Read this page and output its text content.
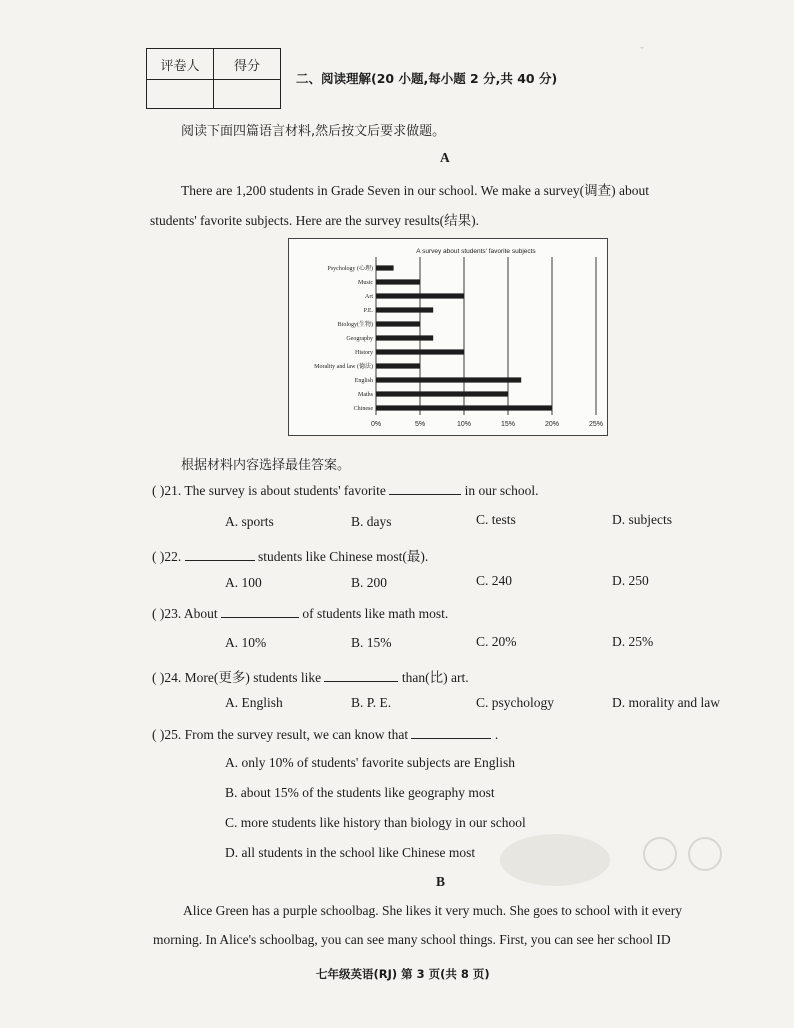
评卷人	得分

二、阅读理解(20 小题,每小题 2 分,共 40 分)
ˇ
阅读下面四篇语言材料,然后按文后要求做题。
A
There are 1,200 students in Grade Seven in our school. We make a survey(调查) about
students' favorite subjects. Here are the survey results(结果).
A survey about students' favorite subjects
0%	5%	10%	15%	20%	25%
Psychology (心理)
Music
Art
P.E.
Biology(生物)
Geography
History
Morality and law (德法)
English
Maths
Chinese
根据材料内容选择最佳答案。
( )21. The survey is about students' favorite	in our school.
A. sports	B. days	C. tests	D. subjects
( )22.	students like Chinese most(最).
A. 100	B. 200	C. 240	D. 250
( )23. About	of students like math most.
A. 10%	B. 15%	C. 20%	D. 25%
( )24. More(更多) students like	than(比) art.
A. English	B. P. E.	C. psychology	D. morality and law
( )25. From the survey result, we can know that	.
A. only 10% of students' favorite subjects are English
B. about 15% of the students like geography most
C. more students like history than biology in our school
D. all students in the school like Chinese most
B
Alice Green has a purple schoolbag. She likes it very much. She goes to school with it every
morning. In Alice's schoolbag, you can see many school things. First, you can see her school ID
七年级英语(RJ) 第 3 页(共 8 页)
